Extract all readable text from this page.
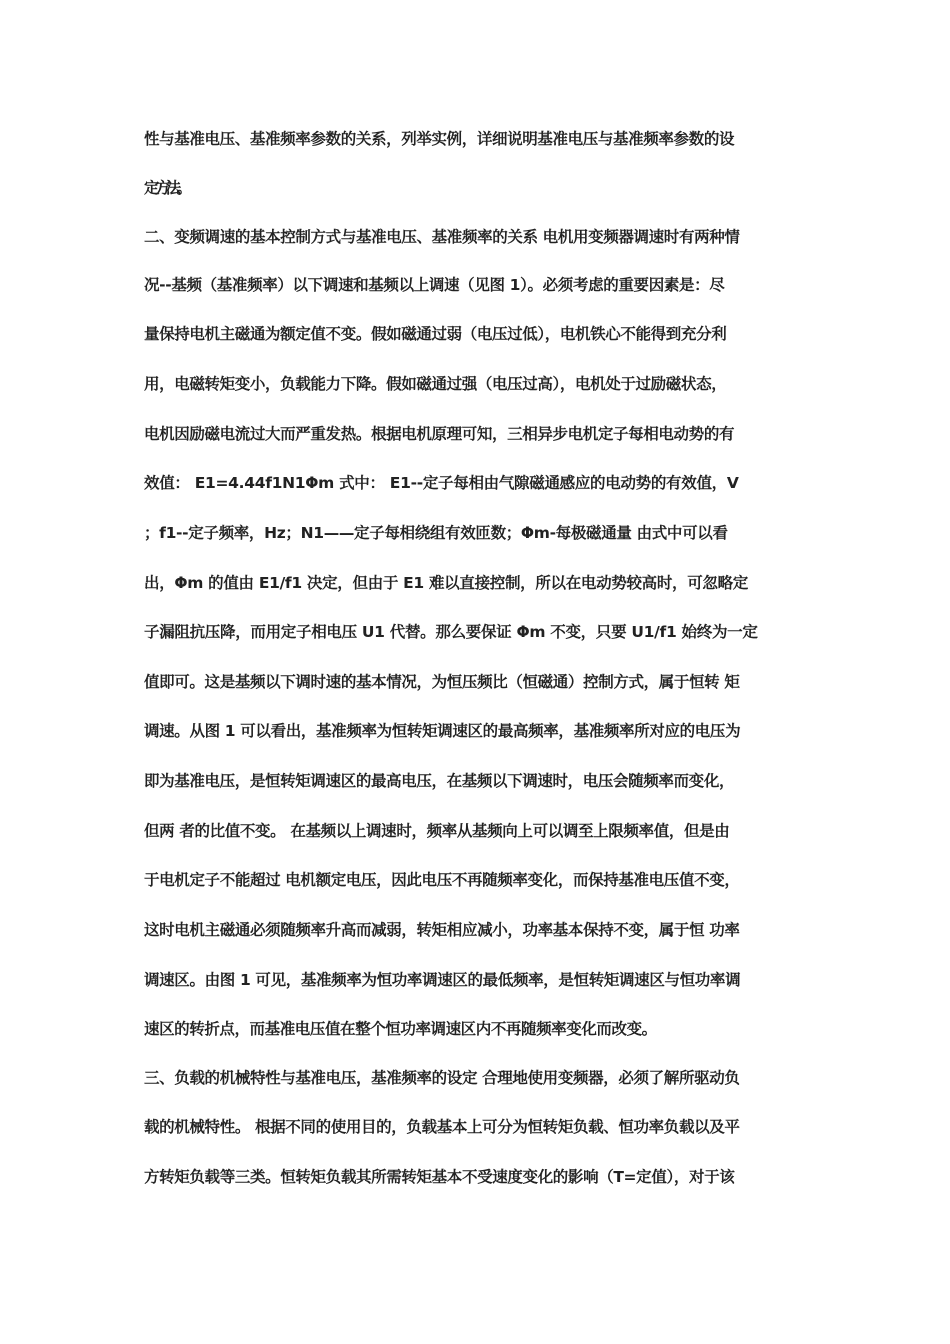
性与基准电压、基准频率参数的关系，列举实例，详细说明基准电压与基准频率参数的设
定方法。
二、变频调速的基本控制方式与基准电压、基准频率的关系 电机用变频器调速时有两种情
况--基频（基准频率）以下调速和基频以上调速（见图 1）。必须考虑的重要因素是：尽
量保持电机主磁通为额定值不变。假如磁通过弱（电压过低），电机铁心不能得到充分利
用，电磁转矩变小，负载能力下降。假如磁通过强（电压过高），电机处于过励磁状态，
电机因励磁电流过大而严重发热。根据电机原理可知，三相异步电机定子每相电动势的有
效值： E1=4.44f1N1Φm 式中： E1--定子每相由气隙磁通感应的电动势的有效值，V
；f1--定子频率，Hz；N1——定子每相绕组有效匝数；Φm-每极磁通量 由式中可以看
出，Φm 的值由 E1/f1 决定，但由于 E1 难以直接控制，所以在电动势较高时，可忽略定
子漏阻抗压降，而用定子相电压 U1 代替。那么要保证 Φm 不变，只要 U1/f1 始终为一定
值即可。这是基频以下调时速的基本情况，为恒压频比（恒磁通）控制方式，属于恒转 矩
调速。从图 1 可以看出，基准频率为恒转矩调速区的最高频率，基准频率所对应的电压为
即为基准电压，是恒转矩调速区的最高电压，在基频以下调速时，电压会随频率而变化，
但两 者的比值不变。 在基频以上调速时，频率从基频向上可以调至上限频率值，但是由
于电机定子不能超过 电机额定电压，因此电压不再随频率变化，而保持基准电压值不变，
这时电机主磁通必须随频率升高而减弱，转矩相应减小，功率基本保持不变，属于恒 功率
调速区。由图 1 可见，基准频率为恒功率调速区的最低频率，是恒转矩调速区与恒功率调
速区的转折点，而基准电压值在整个恒功率调速区内不再随频率变化而改变。
三、负载的机械特性与基准电压，基准频率的设定 合理地使用变频器，必须了解所驱动负
载的机械特性。 根据不同的使用目的，负载基本上可分为恒转矩负载、恒功率负载以及平
方转矩负载等三类。恒转矩负载其所需转矩基本不受速度变化的影响（T=定值），对于该
